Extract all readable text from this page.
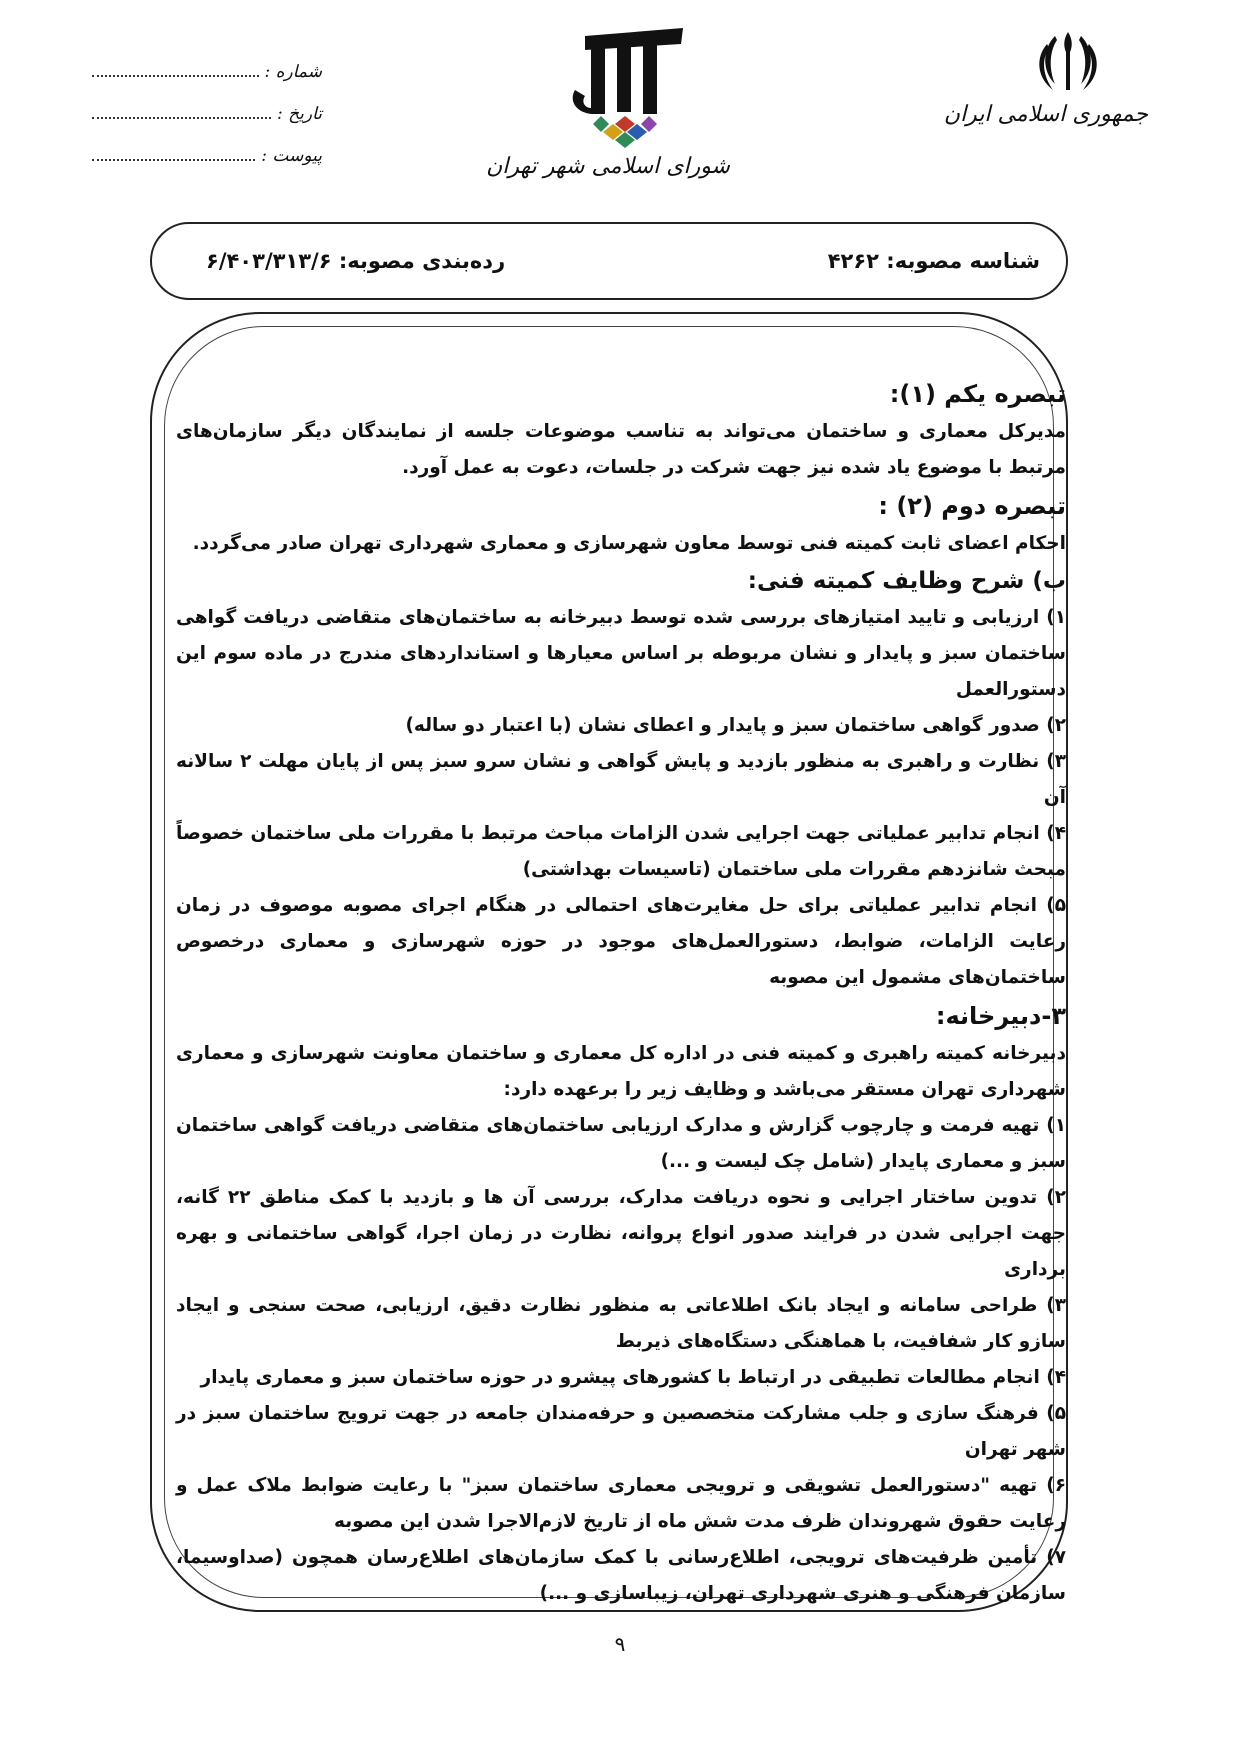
جمهوری اسلامی ایران
شورای اسلامی شهر تهران
شماره :
تاریخ :
پیوست :
شناسه مصوبه: ۴۲۶۲
رده‌بندی مصوبه: ۶/۴۰۳/۳۱۳/۶

تبصره یکم (۱):

مدیرکل معماری و ساختمان می‌تواند به تناسب موضوعات جلسه از نمایندگان دیگر سازمان‌های مرتبط با موضوع یاد شده نیز جهت شرکت در جلسات، دعوت به عمل آورد.

تبصره دوم (۲) :

احکام اعضای ثابت کمیته فنی توسط معاون شهرسازی و معماری شهرداری تهران صادر می‌گردد.

ب) شرح وظایف کمیته فنی:

۱) ارزیابی و تایید امتیازهای بررسی شده توسط دبیرخانه به ساختمان‌های متقاضی دریافت گواهی ساختمان سبز و پایدار و نشان مربوطه بر اساس معیارها و استانداردهای مندرج در ماده سوم این دستورالعمل

۲) صدور گواهی ساختمان سبز و پایدار و اعطای نشان (با اعتبار دو ساله)

۳) نظارت و راهبری به منظور بازدید و پایش گواهی و نشان سرو سبز پس از پایان مهلت ۲ سالانه آن

۴) انجام تدابیر عملیاتی جهت اجرایی شدن الزامات مباحث مرتبط با مقررات ملی ساختمان خصوصاً مبحث شانزدهم مقررات ملی ساختمان (تاسیسات بهداشتی)

۵) انجام تدابیر عملیاتی برای حل مغایرت‌های احتمالی در هنگام اجرای مصوبه موصوف در زمان رعایت الزامات، ضوابط، دستورالعمل‌های موجود در حوزه شهرسازی و معماری درخصوص ساختمان‌های مشمول این مصوبه

۳-دبیرخانه:

دبیرخانه کمیته راهبری و کمیته فنی در اداره کل معماری و ساختمان معاونت شهرسازی و معماری شهرداری تهران مستقر می‌باشد و وظایف زیر را برعهده دارد:

۱) تهیه فرمت و چارچوب گزارش و مدارک ارزیابی ساختمان‌های متقاضی دریافت گواهی ساختمان سبز و معماری پایدار (شامل چک لیست و ...)

۲) تدوین ساختار اجرایی و نحوه دریافت مدارک، بررسی آن ها و بازدید با کمک مناطق ۲۲ گانه، جهت اجرایی شدن در فرایند صدور انواع پروانه، نظارت در زمان اجرا، گواهی ساختمانی و بهره برداری

۳) طراحی سامانه و ایجاد بانک اطلاعاتی به منظور نظارت دقیق، ارزیابی، صحت سنجی و ایجاد سازو کار شفافیت، با هماهنگی دستگاه‌های ذیربط

۴) انجام مطالعات تطبیقی در ارتباط با کشورهای پیشرو در حوزه ساختمان سبز و معماری پایدار

۵) فرهنگ سازی و جلب مشارکت متخصصین و حرفه‌مندان جامعه در جهت ترویج ساختمان سبز در شهر تهران

۶) تهیه "دستورالعمل تشویقی و ترویجی معماری ساختمان سبز" با رعایت ضوابط ملاک عمل و رعایت حقوق شهروندان ظرف مدت شش ماه از تاریخ لازم‌الاجرا شدن این مصوبه

۷) تأمین ظرفیت‌های ترویجی، اطلاع‌رسانی با کمک سازمان‌های اطلاع‌رسان همچون (صداوسیما، سازمان فرهنگی و هنری شهرداری تهران، زیباسازی و ...)

۹
